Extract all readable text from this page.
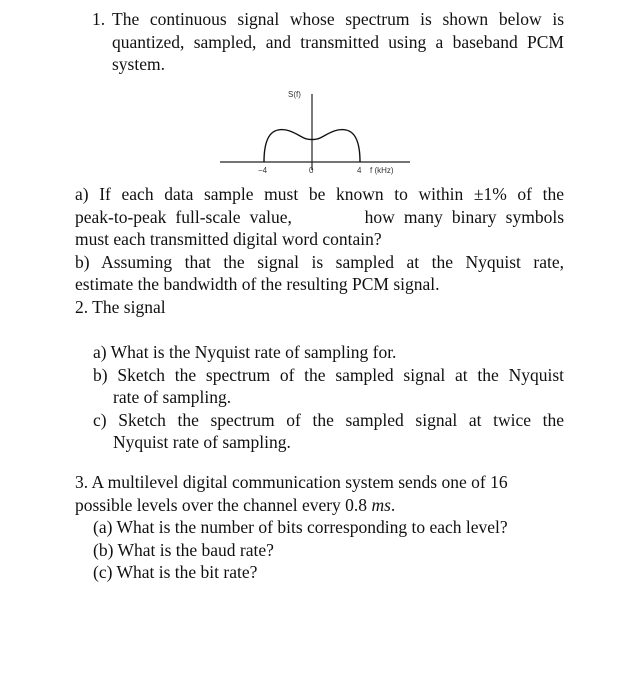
1. The continuous signal whose spectrum is shown below is
quantized, sampled, and transmitted using a baseband PCM
system.
S(f)
−4	0	4 f (kHz)
a) If each data sample must be known to within ±1% of the
peak-to-peak full-scale value,        how many binary symbols
must each transmitted digital word contain?
b) Assuming that the signal is sampled at the Nyquist rate,
estimate the bandwidth of the resulting PCM signal.
2. The signal
a) What is the Nyquist rate of sampling for.
b) Sketch the spectrum of the sampled signal at the Nyquist
rate of sampling.
c) Sketch the spectrum of the sampled signal at twice the
Nyquist rate of sampling.
3. A multilevel digital communication system sends one of 16
possible levels over the channel every 0.8 ms.
(a) What is the number of bits corresponding to each level?
(b) What is the baud rate?
(c) What is the bit rate?
